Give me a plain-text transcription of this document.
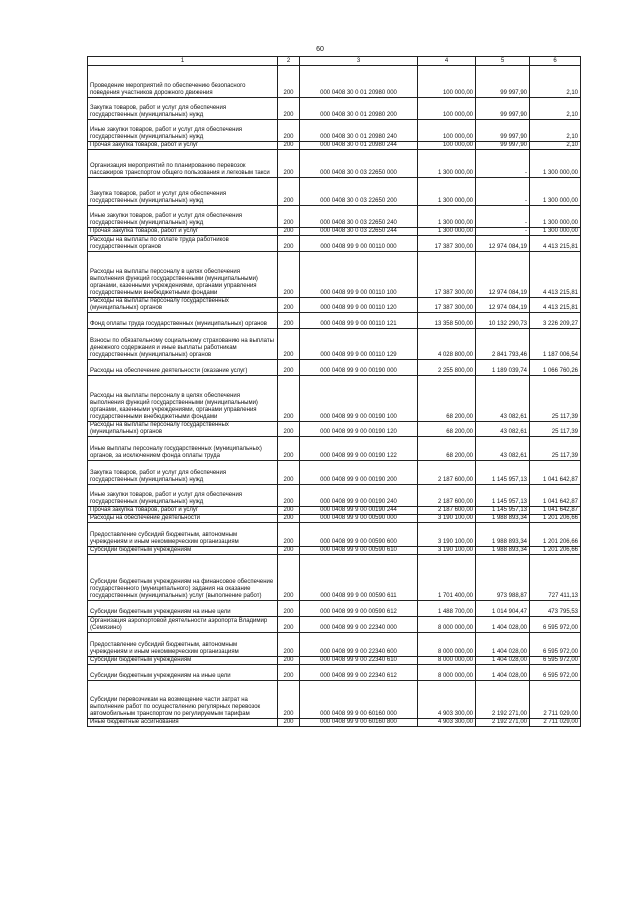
60
1	2	3	4	5	6
Проведение мероприятий по обеспечению безопасного поведения участников дорожного движения	200	000 0408 30 0 01 20980 000	100 000,00	99 997,90	2,10
Закупка товаров, работ и услуг для обеспечения государственных (муниципальных) нужд	200	000 0408 30 0 01 20980 200	100 000,00	99 997,90	2,10
Иные закупки товаров, работ и услуг для обеспечения государственных (муниципальных) нужд	200	000 0408 30 0 01 20980 240	100 000,00	99 997,90	2,10
Прочая закупка товаров, работ и услуг	200	000 0408 30 0 01 20980 244	100 000,00	99 997,90	2,10
Организация мероприятий по планированию перевозок пассажиров транспортом общего пользования и легковым такси	200	000 0408 30 0 03 22650 000	1 300 000,00	-	1 300 000,00
Закупка товаров, работ и услуг для обеспечения государственных (муниципальных) нужд	200	000 0408 30 0 03 22650 200	1 300 000,00	-	1 300 000,00
Иные закупки товаров, работ и услуг для обеспечения государственных (муниципальных) нужд	200	000 0408 30 0 03 22650 240	1 300 000,00	-	1 300 000,00
Прочая закупка товаров, работ и услуг	200	000 0408 30 0 03 22650 244	1 300 000,00	-	1 300 000,00
Расходы на выплаты по оплате труда работников государственных органов	200	000 0408 99 9 00 00110 000	17 387 300,00	12 974 084,19	4 413 215,81
Расходы на выплаты персоналу в целях обеспечения выполнения функций государственными (муниципальными) органами, казенными учреждениями, органами управления государственными внебюджетными фондами	200	000 0408 99 9 00 00110 100	17 387 300,00	12 974 084,19	4 413 215,81
Расходы на выплаты персоналу государственных (муниципальных) органов	200	000 0408 99 9 00 00110 120	17 387 300,00	12 974 084,19	4 413 215,81
Фонд оплаты труда государственных (муниципальных) органов	200	000 0408 99 9 00 00110 121	13 358 500,00	10 132 290,73	3 226 209,27
Взносы по обязательному социальному страхованию на выплаты денежного содержания и иные выплаты работникам государственных (муниципальных) органов	200	000 0408 99 9 00 00110 129	4 028 800,00	2 841 793,46	1 187 006,54
Расходы на обеспечение деятельности (оказание услуг)	200	000 0408 99 9 00 00190 000	2 255 800,00	1 189 039,74	1 066 760,26
Расходы на выплаты персоналу в целях обеспечения выполнения функций государственными (муниципальными) органами, казенными учреждениями, органами управления государственными внебюджетными фондами	200	000 0408 99 9 00 00190 100	68 200,00	43 082,61	25 117,39
Расходы на выплаты персоналу государственных (муниципальных) органов	200	000 0408 99 9 00 00190 120	68 200,00	43 082,61	25 117,39
Иные выплаты персоналу государственных (муниципальных) органов, за исключением фонда оплаты труда	200	000 0408 99 9 00 00190 122	68 200,00	43 082,61	25 117,39
Закупка товаров, работ и услуг для обеспечения государственных (муниципальных) нужд	200	000 0408 99 9 00 00190 200	2 187 600,00	1 145 957,13	1 041 642,87
Иные закупки товаров, работ и услуг для обеспечения государственных (муниципальных) нужд	200	000 0408 99 9 00 00190 240	2 187 600,00	1 145 957,13	1 041 642,87
Прочая закупка товаров, работ и услуг	200	000 0408 99 9 00 00190 244	2 187 600,00	1 145 957,13	1 041 642,87
Расходы на обеспечение деятельности	200	000 0408 99 9 00 00590 000	3 190 100,00	1 988 893,34	1 201 206,66
Предоставление субсидий бюджетным, автономным учреждениям и иным некоммерческим организациям	200	000 0408 99 9 00 00590 600	3 190 100,00	1 988 893,34	1 201 206,66
Субсидии бюджетным учреждениям	200	000 0408 99 9 00 00590 610	3 190 100,00	1 988 893,34	1 201 206,66
Субсидии бюджетным учреждениям на финансовое обеспечение государственного (муниципального) задания на оказание государственных (муниципальных) услуг (выполнение работ)	200	000 0408 99 9 00 00590 611	1 701 400,00	973 988,87	727 411,13
Субсидии бюджетным учреждениям на иные цели	200	000 0408 99 9 00 00590 612	1 488 700,00	1 014 904,47	473 795,53
Организация аэропортовой деятельности аэропорта Владимир (Семязино)	200	000 0408 99 9 00 22340 000	8 000 000,00	1 404 028,00	6 595 972,00
Предоставление субсидий бюджетным, автономным учреждениям и иным некоммерческим организациям	200	000 0408 99 9 00 22340 600	8 000 000,00	1 404 028,00	6 595 972,00
Субсидии бюджетным учреждениям	200	000 0408 99 9 00 22340 610	8 000 000,00	1 404 028,00	6 595 972,00
Субсидии бюджетным учреждениям на иные цели	200	000 0408 99 9 00 22340 612	8 000 000,00	1 404 028,00	6 595 972,00
Субсидии перевозчикам на возмещение части затрат на выполнение работ по осуществлению регулярных перевозок автомобильным транспортом по регулируемым тарифам	200	000 0408 99 9 00 60160 000	4 903 300,00	2 192 271,00	2 711 029,00
Иные бюджетные ассигнования	200	000 0408 99 9 00 60160 800	4 903 300,00	2 192 271,00	2 711 029,00
